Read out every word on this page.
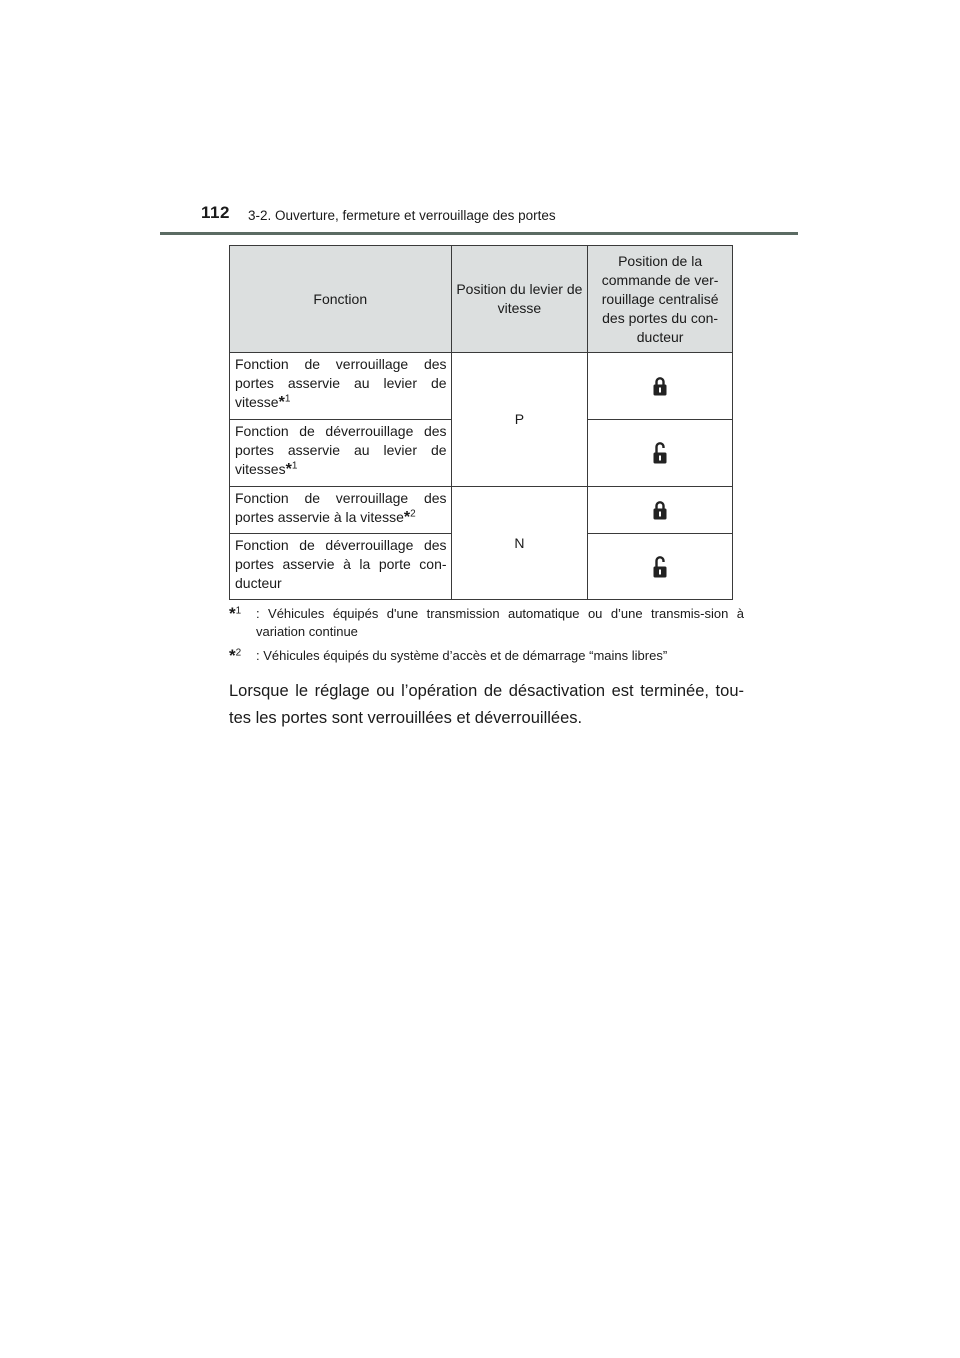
112 3-2. Ouverture, fermeture et verrouillage des portes
Fonction	Position du levier de vitesse	Position de la commande de ver-rouillage centralisé des portes du con-ducteur
Fonction de verrouillage des portes asservie au levier de vitesse*$^1$	P	
Fonction de déverrouillage des portes asservie au levier de vitesses*$^1$	
Fonction de verrouillage des portes asservie à la vitesse*$^2$	N	
Fonction de déverrouillage des portes asservie à la porte con-ducteur	
*$^1$ : Véhicules équipés d'une transmission automatique ou d’une transmis-sion à variation continue
*$^2$ : Véhicules équipés du système d’accès et de démarrage “mains libres”
Lorsque le réglage ou l’opération de désactivation est terminée, tou-tes les portes sont verrouillées et déverrouillées.
